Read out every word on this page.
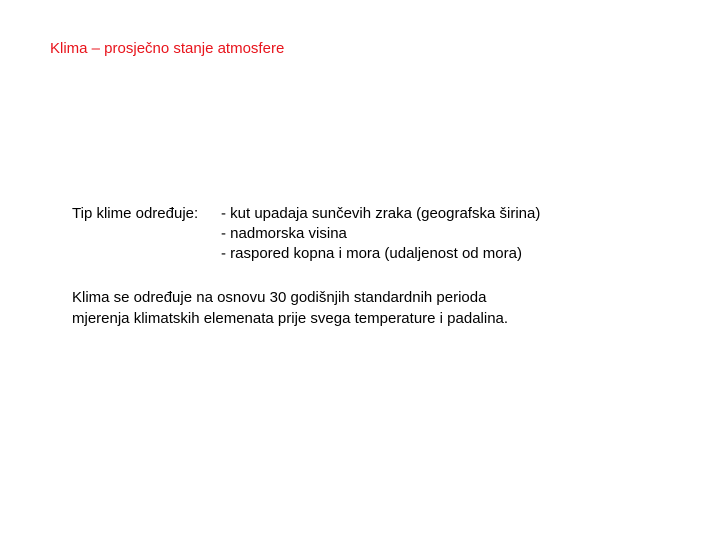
Klima – prosječno stanje atmosfere
Tip klime određuje:	- kut upadaja sunčevih zraka (geografska širina)
- nadmorska visina
- raspored kopna i mora (udaljenost od mora)
Klima se određuje na osnovu 30 godišnjih standardnih perioda
mjerenja klimatskih elemenata prije svega temperature i padalina.
